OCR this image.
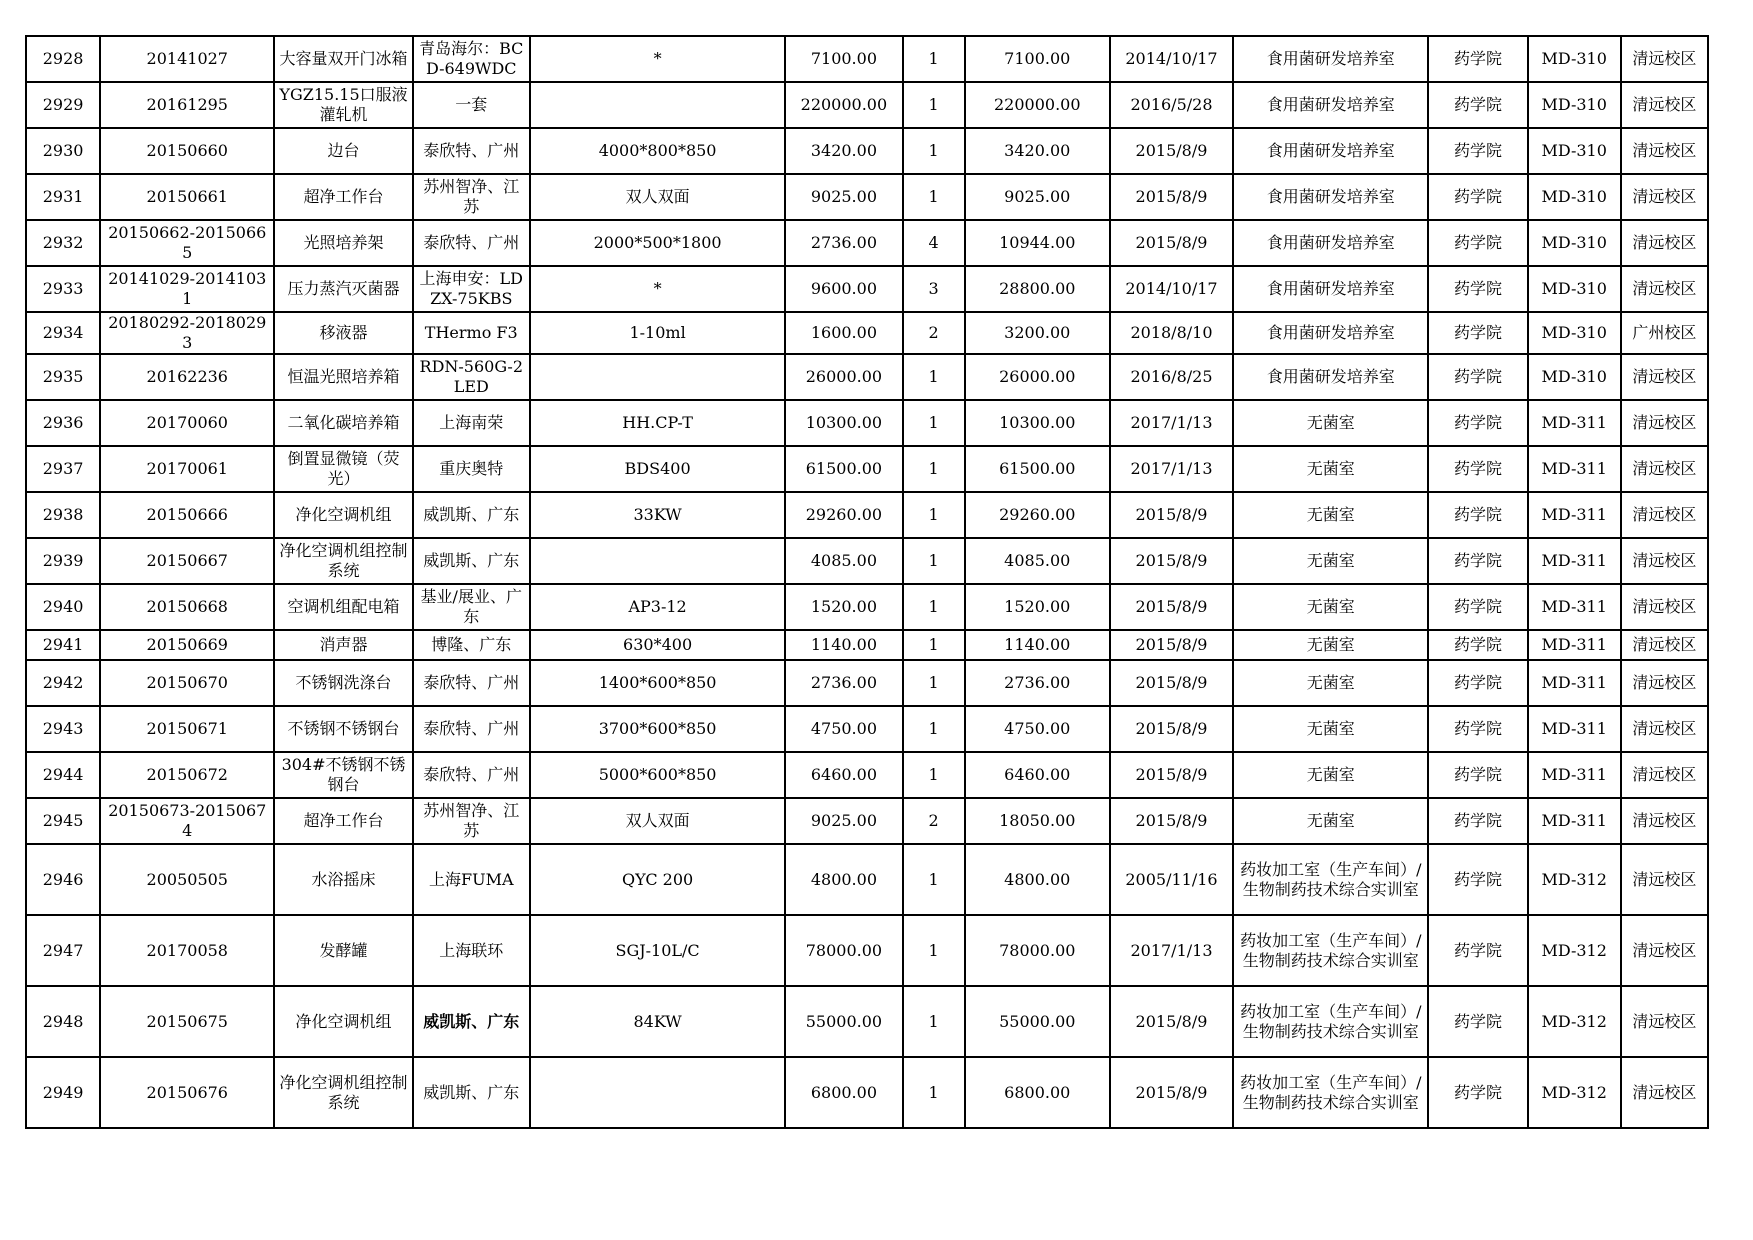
2928	20141027	大容量双开门冰箱	青岛海尔：BCD-649WDC	*	7100.00	1	7100.00	2014/10/17	食用菌研发培养室	药学院	MD-310	清远校区
2929	20161295	YGZ15.15口服液灌轧机	一套		220000.00	1	220000.00	2016/5/28	食用菌研发培养室	药学院	MD-310	清远校区
2930	20150660	边台	泰欣特、广州	4000*800*850	3420.00	1	3420.00	2015/8/9	食用菌研发培养室	药学院	MD-310	清远校区
2931	20150661	超净工作台	苏州智净、江苏	双人双面	9025.00	1	9025.00	2015/8/9	食用菌研发培养室	药学院	MD-310	清远校区
2932	20150662-20150665	光照培养架	泰欣特、广州	2000*500*1800	2736.00	4	10944.00	2015/8/9	食用菌研发培养室	药学院	MD-310	清远校区
2933	20141029-20141031	压力蒸汽灭菌器	上海申安：LDZX-75KBS	*	9600.00	3	28800.00	2014/10/17	食用菌研发培养室	药学院	MD-310	清远校区
2934	20180292-20180293	移液器	THermo F3	1-10ml	1600.00	2	3200.00	2018/8/10	食用菌研发培养室	药学院	MD-310	广州校区
2935	20162236	恒温光照培养箱	RDN-560G-2LED		26000.00	1	26000.00	2016/8/25	食用菌研发培养室	药学院	MD-310	清远校区
2936	20170060	二氧化碳培养箱	上海南荣	HH.CP-T	10300.00	1	10300.00	2017/1/13	无菌室	药学院	MD-311	清远校区
2937	20170061	倒置显微镜（荧光）	重庆奥特	BDS400	61500.00	1	61500.00	2017/1/13	无菌室	药学院	MD-311	清远校区
2938	20150666	净化空调机组	威凯斯、广东	33KW	29260.00	1	29260.00	2015/8/9	无菌室	药学院	MD-311	清远校区
2939	20150667	净化空调机组控制系统	威凯斯、广东		4085.00	1	4085.00	2015/8/9	无菌室	药学院	MD-311	清远校区
2940	20150668	空调机组配电箱	基业/展业、广东	AP3-12	1520.00	1	1520.00	2015/8/9	无菌室	药学院	MD-311	清远校区
2941	20150669	消声器	博隆、广东	630*400	1140.00	1	1140.00	2015/8/9	无菌室	药学院	MD-311	清远校区
2942	20150670	不锈钢洗涤台	泰欣特、广州	1400*600*850	2736.00	1	2736.00	2015/8/9	无菌室	药学院	MD-311	清远校区
2943	20150671	不锈钢不锈钢台	泰欣特、广州	3700*600*850	4750.00	1	4750.00	2015/8/9	无菌室	药学院	MD-311	清远校区
2944	20150672	304#不锈钢不锈钢台	泰欣特、广州	5000*600*850	6460.00	1	6460.00	2015/8/9	无菌室	药学院	MD-311	清远校区
2945	20150673-20150674	超净工作台	苏州智净、江苏	双人双面	9025.00	2	18050.00	2015/8/9	无菌室	药学院	MD-311	清远校区
2946	20050505	水浴摇床	上海FUMA	QYC 200	4800.00	1	4800.00	2005/11/16	药妆加工室（生产车间）/生物制药技术综合实训室	药学院	MD-312	清远校区
2947	20170058	发酵罐	上海联环	SGJ-10L/C	78000.00	1	78000.00	2017/1/13	药妆加工室（生产车间）/生物制药技术综合实训室	药学院	MD-312	清远校区
2948	20150675	净化空调机组	威凯斯、广东	84KW	55000.00	1	55000.00	2015/8/9	药妆加工室（生产车间）/生物制药技术综合实训室	药学院	MD-312	清远校区
2949	20150676	净化空调机组控制系统	威凯斯、广东		6800.00	1	6800.00	2015/8/9	药妆加工室（生产车间）/生物制药技术综合实训室	药学院	MD-312	清远校区
